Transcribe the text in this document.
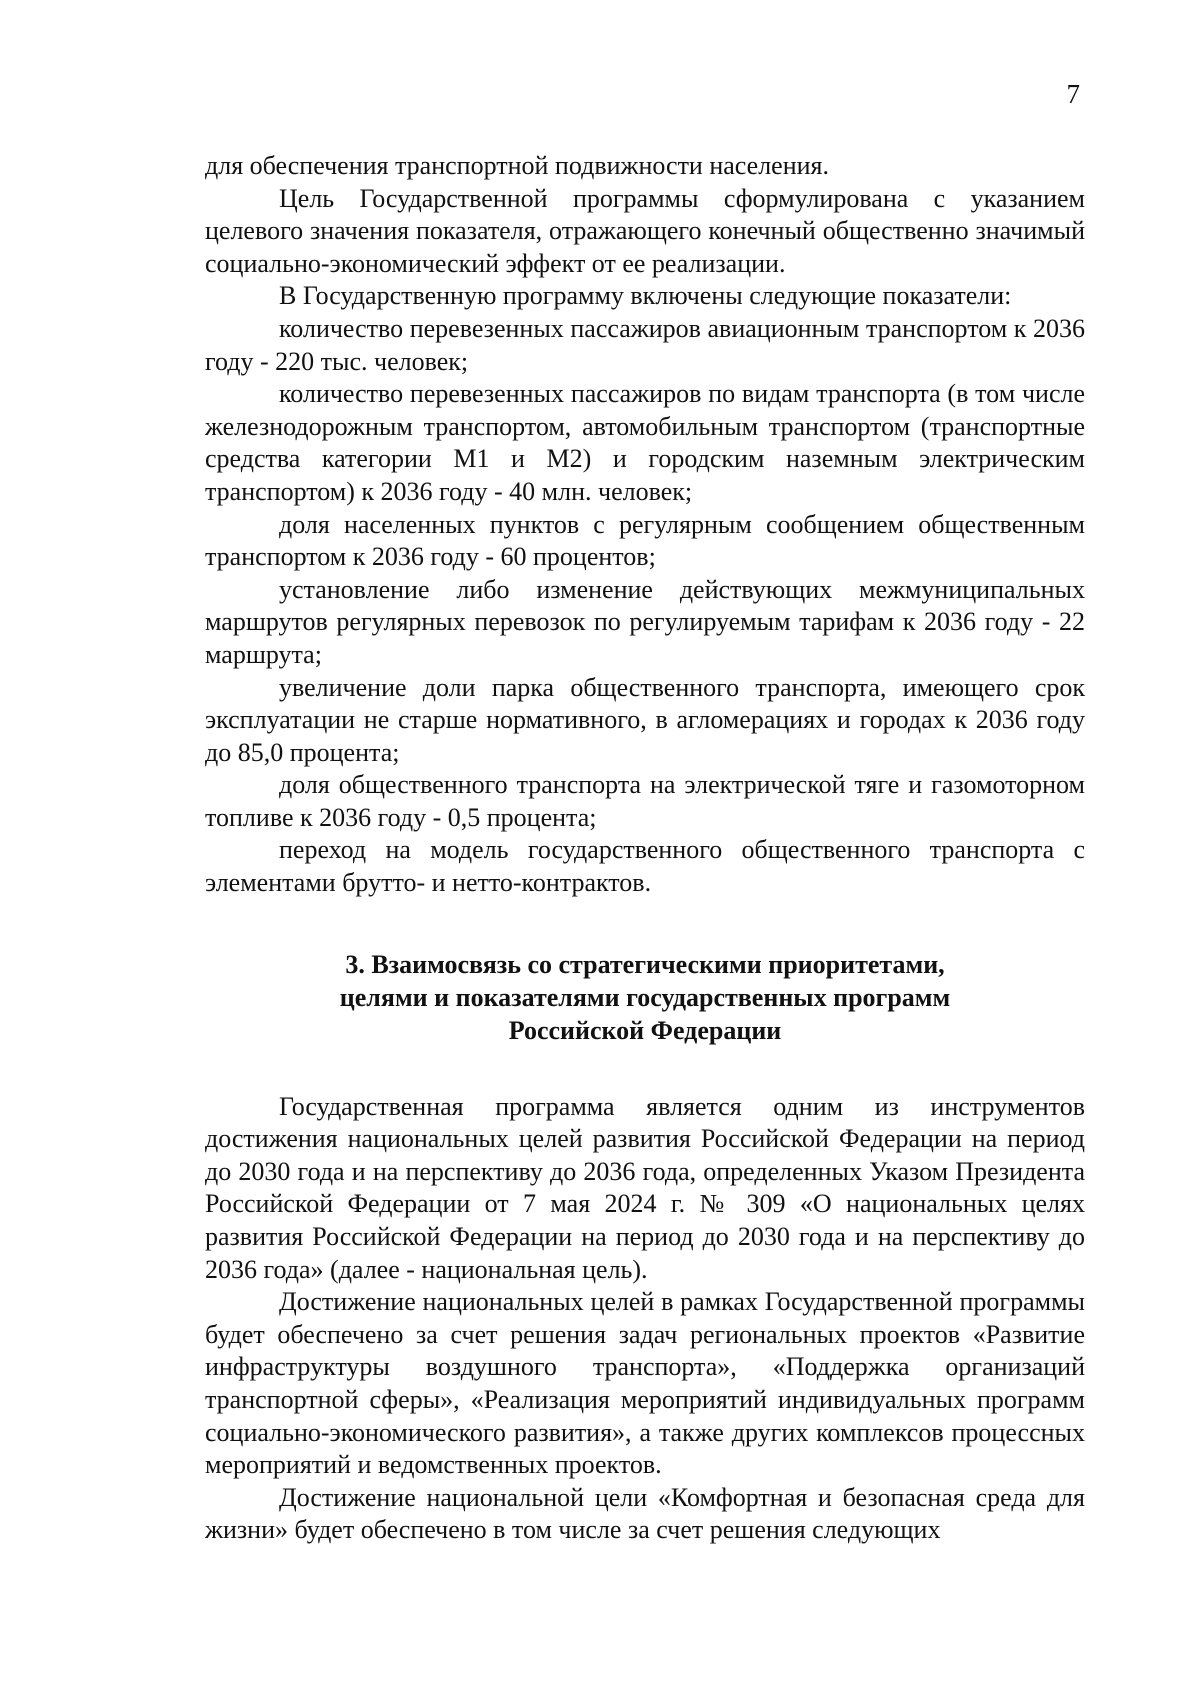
7

для обеспечения транспортной подвижности населения.

Цель Государственной программы сформулирована с указанием целевого значения показателя, отражающего конечный общественно значимый социально-экономический эффект от ее реализации.

В Государственную программу включены следующие показатели:

количество перевезенных пассажиров авиационным транспортом к 2036 году - 220 тыс. человек;

количество перевезенных пассажиров по видам транспорта (в том числе железнодорожным транспортом, автомобильным транспортом (транспортные средства категории M1 и M2) и городским наземным электрическим транспортом) к 2036 году - 40 млн. человек;

доля населенных пунктов с регулярным сообщением общественным транспортом к 2036 году - 60 процентов;

установление либо изменение действующих межмуниципальных маршрутов регулярных перевозок по регулируемым тарифам к 2036 году - 22 маршрута;

увеличение доли парка общественного транспорта, имеющего срок эксплуатации не старше нормативного, в агломерациях и городах к 2036 году до 85,0 процента;

доля общественного транспорта на электрической тяге и газомоторном топливе к 2036 году - 0,5 процента;

переход на модель государственного общественного транспорта с элементами брутто- и нетто-контрактов.

3. Взаимосвязь со стратегическими приоритетами,
целями и показателями государственных программ
Российской Федерации

Государственная программа является одним из инструментов достижения национальных целей развития Российской Федерации на период до 2030 года и на перспективу до 2036 года, определенных Указом Президента Российской Федерации от 7 мая 2024 г. № 309 «О национальных целях развития Российской Федерации на период до 2030 года и на перспективу до 2036 года» (далее - национальная цель).

Достижение национальных целей в рамках Государственной программы будет обеспечено за счет решения задач региональных проектов «Развитие инфраструктуры воздушного транспорта», «Поддержка организаций транспортной сферы», «Реализация мероприятий индивидуальных программ социально-экономического развития», а также других комплексов процессных мероприятий и ведомственных проектов.

Достижение национальной цели «Комфортная и безопасная среда для жизни» будет обеспечено в том числе за счет решения следующих
